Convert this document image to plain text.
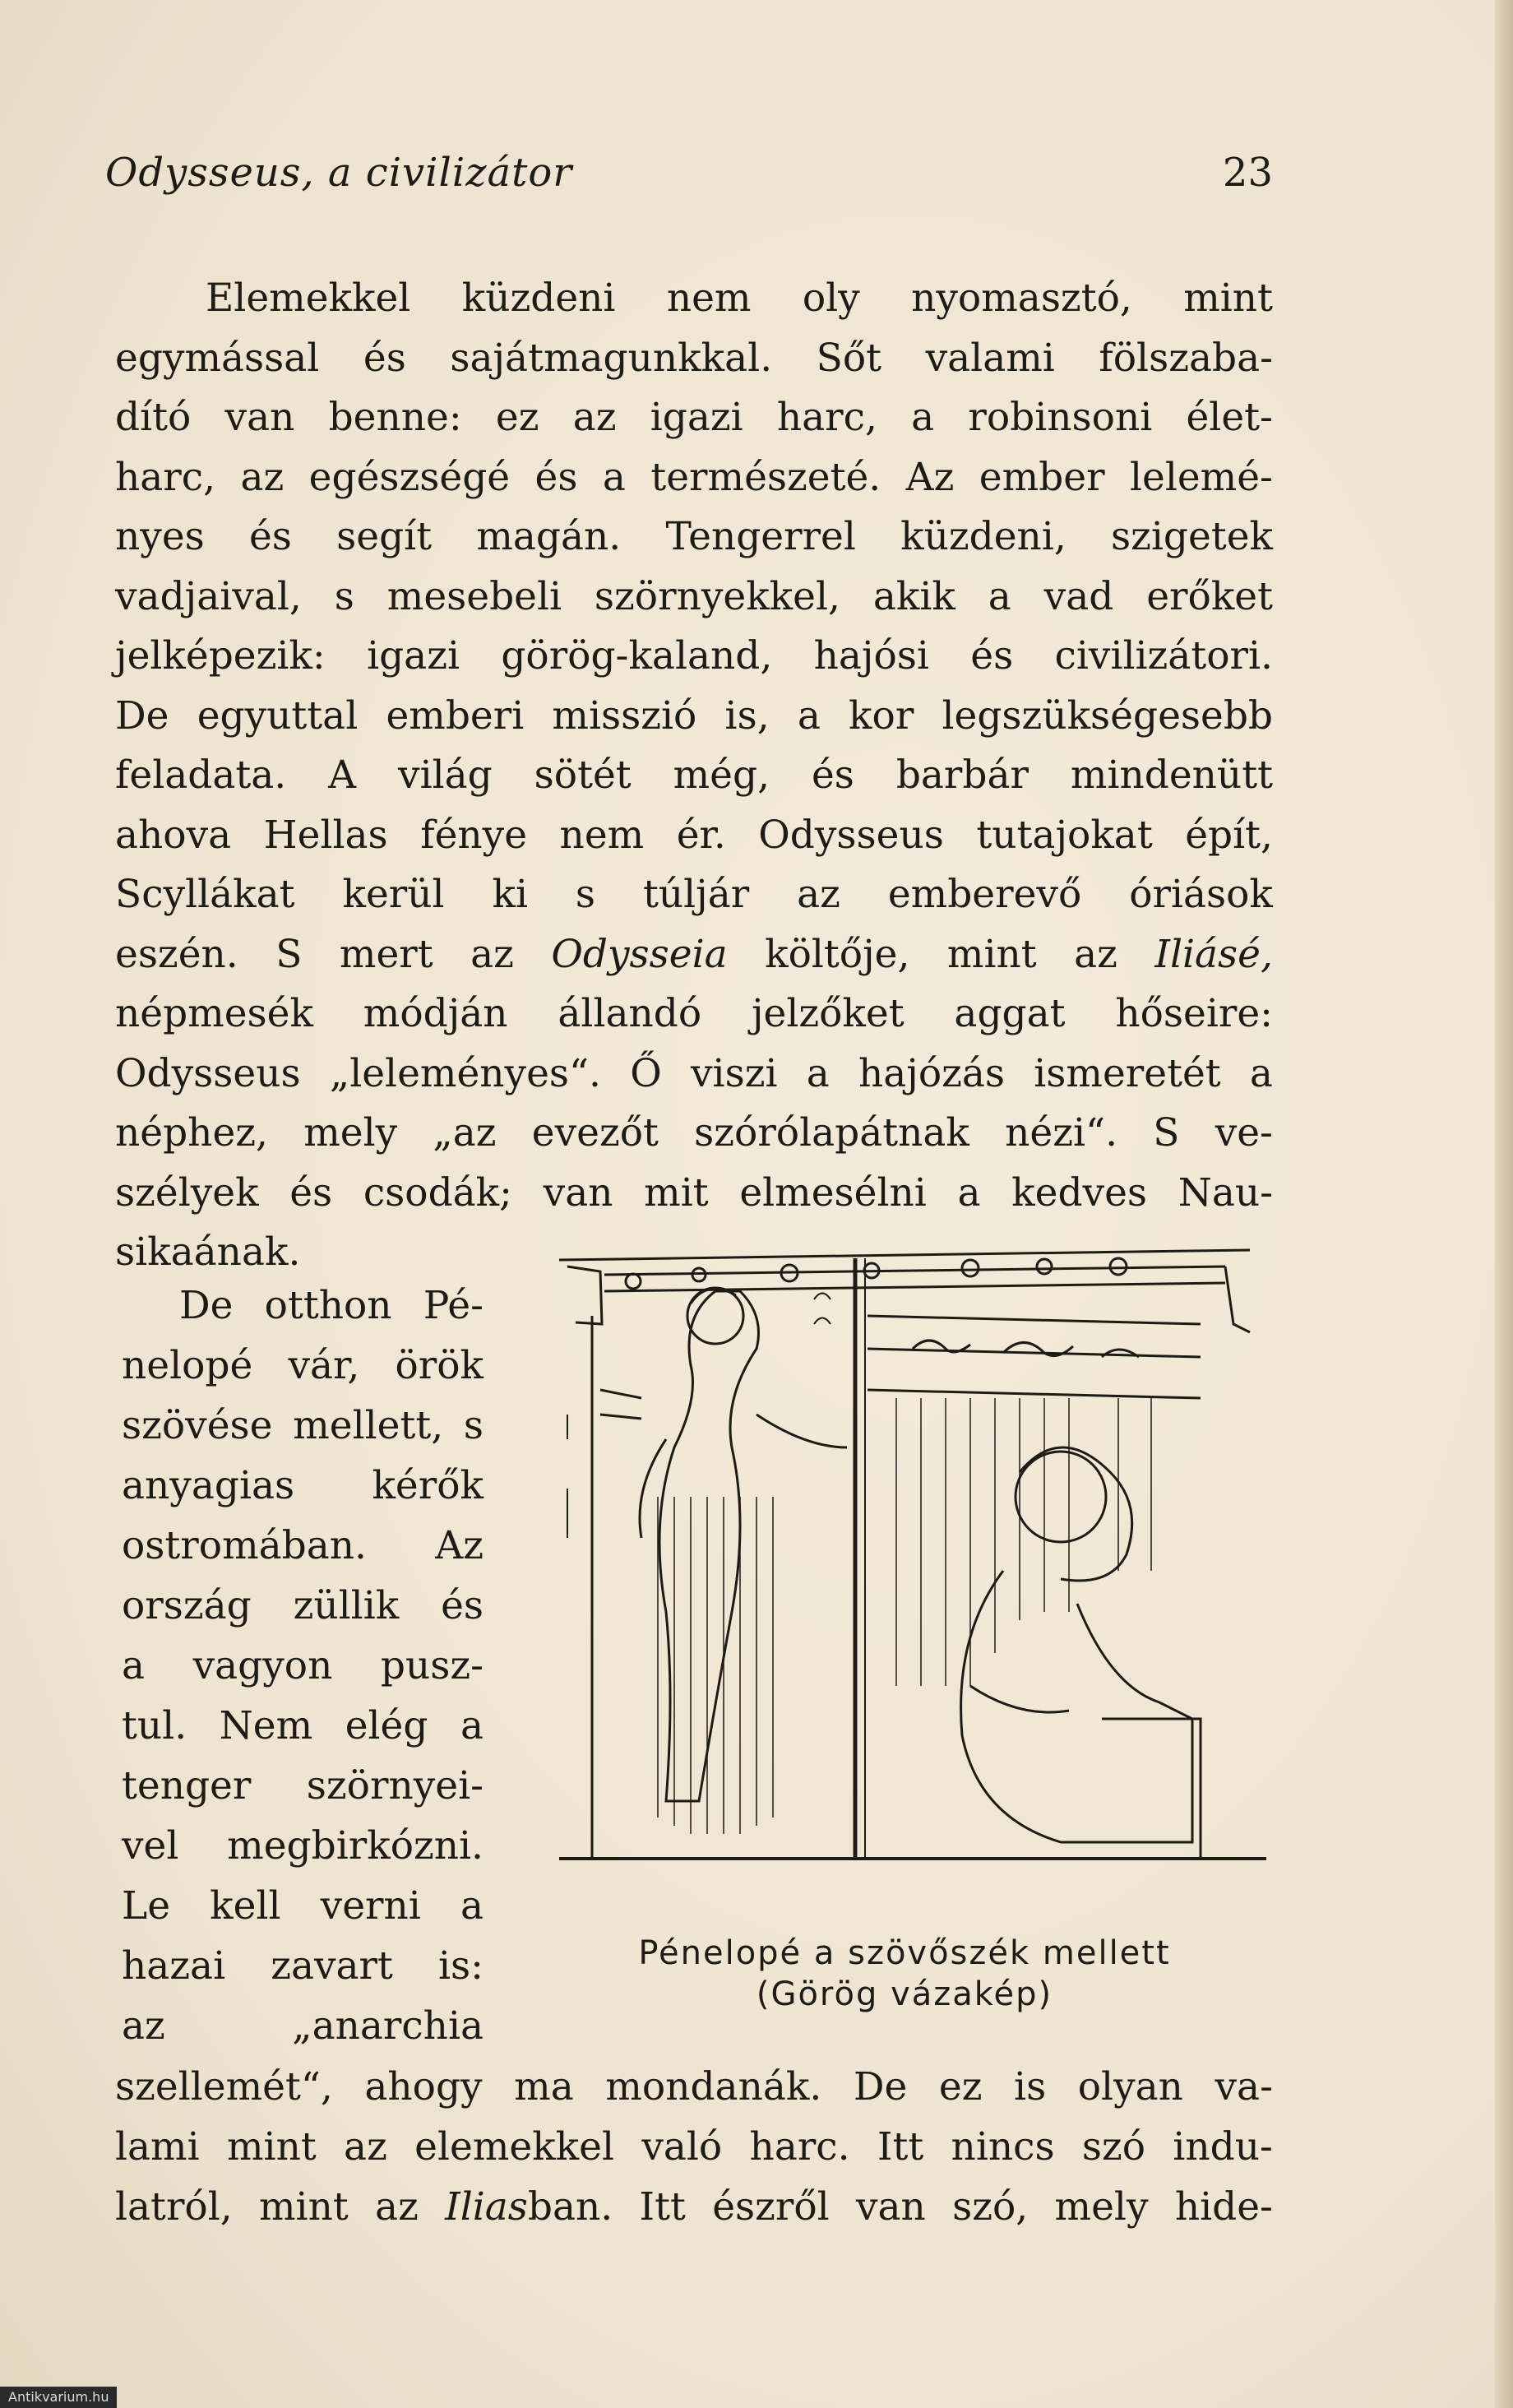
Odysseus, a civilizátor	23
Elemekkel küzdeni nem oly nyomasztó, mint
egymással és sajátmagunkkal. Sőt valami fölszaba-
dító van benne: ez az igazi harc, a robinsoni élet-
harc, az egészségé és a természeté. Az ember lelemé-
nyes és segít magán. Tengerrel küzdeni, szigetek
vadjaival, s mesebeli szörnyekkel, akik a vad erőket
jelképezik: igazi görög-kaland, hajósi és civilizátori.
De egyuttal emberi misszió is, a kor legszükségesebb
feladata. A világ sötét még, és barbár mindenütt
ahova Hellas fénye nem ér. Odysseus tutajokat épít,
Scyllákat kerül ki s túljár az emberevő óriások
eszén. S mert az Odysseia költője, mint az Iliásé,
népmesék módján állandó jelzőket aggat hőseire:
Odysseus „leleményes“. Ő viszi a hajózás ismeretét a
néphez, mely „az evezőt szórólapátnak nézi“. S ve-
szélyek és csodák; van mit elmesélni a kedves Nau-
sikaának.
De otthon Pé-
nelopé vár, örök
szövése mellett, s
anyagias kérők
ostromában. Az
ország züllik és
a vagyon pusz-
tul. Nem elég a
tenger szörnyei-
vel megbirkózni.
Le kell verni a
hazai zavart is:
az	„anarchia
szellemét“, ahogy ma mondanák. De ez is olyan va-
lami mint az elemekkel való harc. Itt nincs szó indu-
latról, mint az Iliasban. Itt észről van szó, mely hide-
Pénelopé a szövőszék mellett
(Görög vázakép)
Antikvarium.hu
